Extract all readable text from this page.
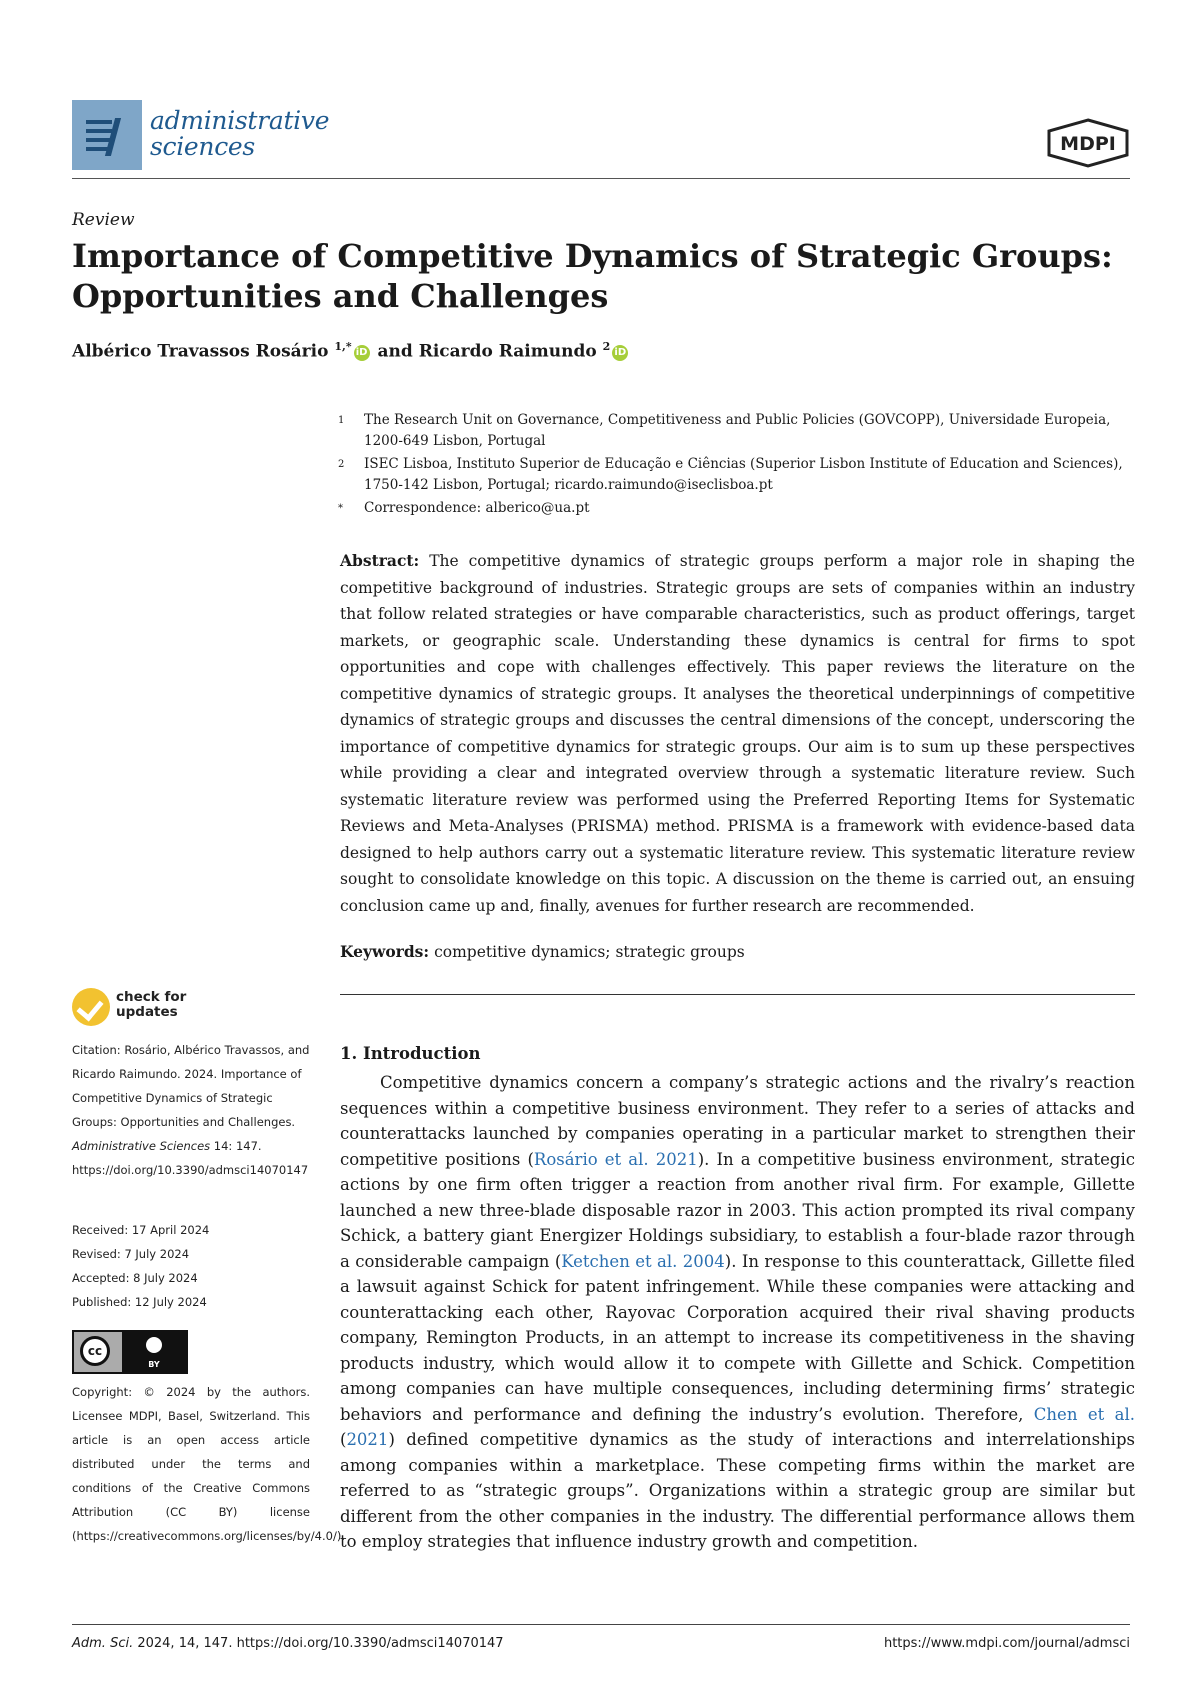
administrative
sciences	MDPI
Review
Importance of Competitive Dynamics of Strategic Groups: Opportunities and Challenges
Albérico Travassos Rosário $^{1,*}$ iD and Ricardo Raimundo $^2$ iD
1	The Research Unit on Governance, Competitiveness and Public Policies (GOVCOPP), Universidade Europeia, 1200-649 Lisbon, Portugal
2	ISEC Lisboa, Instituto Superior de Educação e Ciências (Superior Lisbon Institute of Education and Sciences), 1750-142 Lisbon, Portugal; ricardo.raimundo@iseclisboa.pt
*	Correspondence: alberico@ua.pt
Abstract: The competitive dynamics of strategic groups perform a major role in shaping the competitive background of industries. Strategic groups are sets of companies within an industry that follow related strategies or have comparable characteristics, such as product offerings, target markets, or geographic scale. Understanding these dynamics is central for firms to spot opportunities and cope with challenges effectively. This paper reviews the literature on the competitive dynamics of strategic groups. It analyses the theoretical underpinnings of competitive dynamics of strategic groups and discusses the central dimensions of the concept, underscoring the importance of competitive dynamics for strategic groups. Our aim is to sum up these perspectives while providing a clear and integrated overview through a systematic literature review. Such systematic literature review was performed using the Preferred Reporting Items for Systematic Reviews and Meta-Analyses (PRISMA) method. PRISMA is a framework with evidence-based data designed to help authors carry out a systematic literature review. This systematic literature review sought to consolidate knowledge on this topic. A discussion on the theme is carried out, an ensuing conclusion came up and, finally, avenues for further research are recommended.
Keywords: competitive dynamics; strategic groups
1. Introduction
Competitive dynamics concern a company’s strategic actions and the rivalry’s reaction sequences within a competitive business environment. They refer to a series of attacks and counterattacks launched by companies operating in a particular market to strengthen their competitive positions (Rosário et al. 2021). In a competitive business environment, strategic actions by one firm often trigger a reaction from another rival firm. For example, Gillette launched a new three-blade disposable razor in 2003. This action prompted its rival company Schick, a battery giant Energizer Holdings subsidiary, to establish a four-blade razor through a considerable campaign (Ketchen et al. 2004). In response to this counterattack, Gillette filed a lawsuit against Schick for patent infringement. While these companies were attacking and counterattacking each other, Rayovac Corporation acquired their rival shaving products company, Remington Products, in an attempt to increase its competitiveness in the shaving products industry, which would allow it to compete with Gillette and Schick. Competition among companies can have multiple consequences, including determining firms’ strategic behaviors and performance and defining the industry’s evolution. Therefore, Chen et al. (2021) defined competitive dynamics as the study of interactions and interrelationships among companies within a marketplace. These competing firms within the market are referred to as “strategic groups”. Organizations within a strategic group are similar but different from the other companies in the industry. The differential performance allows them to employ strategies that influence industry growth and competition.
check for
updates
Citation: Rosário, Albérico Travassos, and Ricardo Raimundo. 2024. Importance of Competitive Dynamics of Strategic Groups: Opportunities and Challenges. Administrative Sciences 14: 147. https://doi.org/10.3390/admsci14070147
Received: 17 April 2024
Revised: 7 July 2024
Accepted: 8 July 2024
Published: 12 July 2024
cc
BY
Copyright: © 2024 by the authors. Licensee MDPI, Basel, Switzerland. This article is an open access article distributed under the terms and conditions of the Creative Commons Attribution (CC BY) license (https://creativecommons.org/licenses/by/4.0/).
Adm. Sci. 2024, 14, 147. https://doi.org/10.3390/admsci14070147	https://www.mdpi.com/journal/admsci
